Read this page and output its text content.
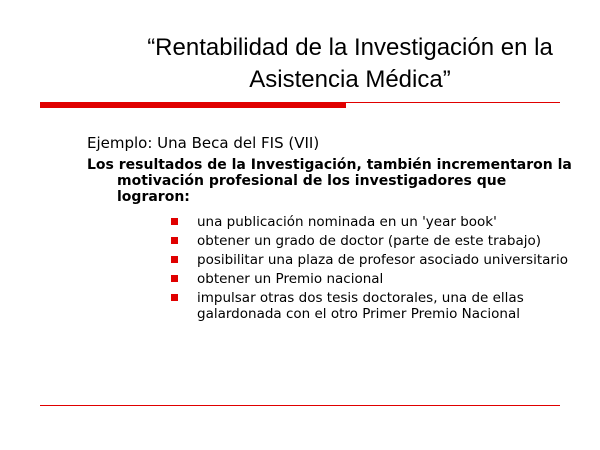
“Rentabilidad de la Investigación en la
Asistencia Médica”
Ejemplo: Una Beca del FIS (VII)
Los resultados de la Investigación, también incrementaron la motivación profesional de los investigadores que lograron:
una publicación nominada en un 'year book'
obtener un grado de doctor (parte de este trabajo)
posibilitar una plaza de profesor asociado universitario
obtener un Premio nacional
impulsar otras dos tesis doctorales, una de ellas galardonada con el otro Primer Premio Nacional
